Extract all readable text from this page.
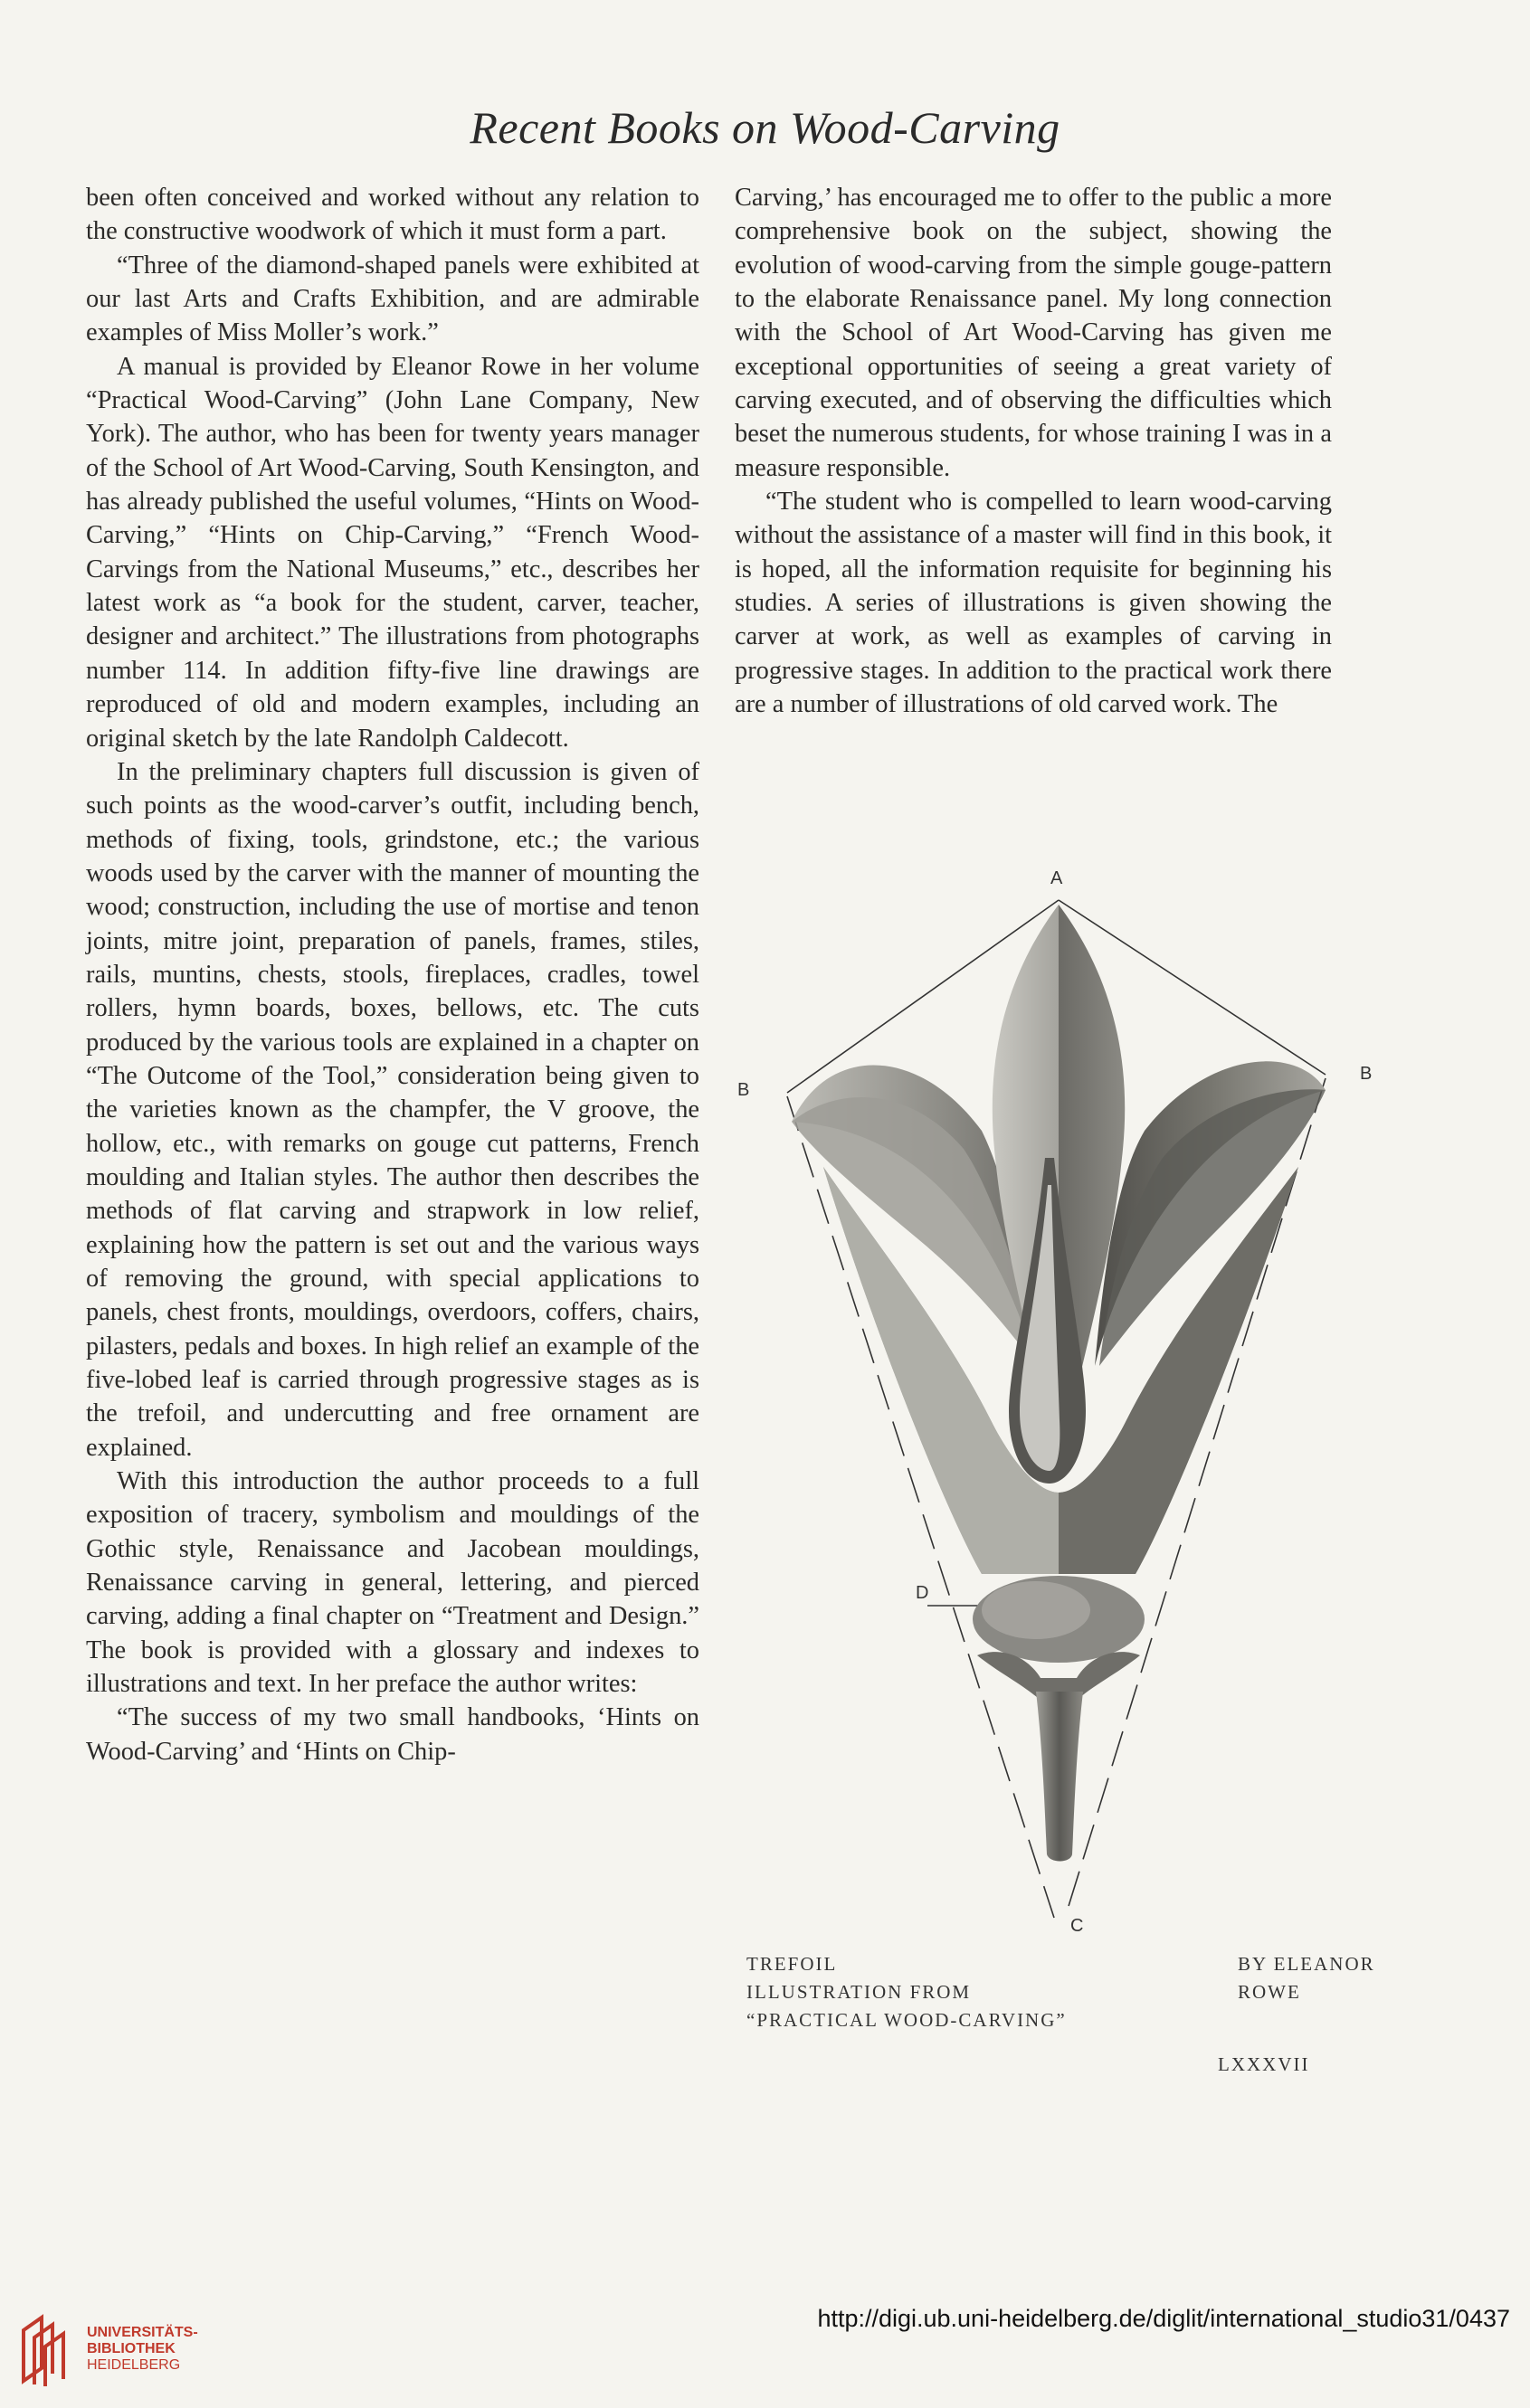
Recent Books on Wood-Carving

been often conceived and worked without any relation to the constructive woodwork of which it must form a part.

“Three of the diamond-shaped panels were exhibited at our last Arts and Crafts Exhibition, and are admirable examples of Miss Moller’s work.”

A manual is provided by Eleanor Rowe in her volume “Practical Wood-Carving” (John Lane Company, New York). The author, who has been for twenty years manager of the School of Art Wood-Carving, South Kensington, and has already published the useful volumes, “Hints on Wood-Carving,” “Hints on Chip-Carving,” “French Wood-Carvings from the National Museums,” etc., describes her latest work as “a book for the student, carver, teacher, designer and architect.” The illustrations from photographs number 114. In addition fifty-five line drawings are reproduced of old and modern examples, including an original sketch by the late Randolph Caldecott.

In the preliminary chapters full discussion is given of such points as the wood-carver’s outfit, including bench, methods of fixing, tools, grindstone, etc.; the various woods used by the carver with the manner of mounting the wood; construction, including the use of mortise and tenon joints, mitre joint, preparation of panels, frames, stiles, rails, muntins, chests, stools, fireplaces, cradles, towel rollers, hymn boards, boxes, bellows, etc. The cuts produced by the various tools are explained in a chapter on “The Outcome of the Tool,” consideration being given to the varieties known as the champfer, the V groove, the hollow, etc., with remarks on gouge cut patterns, French moulding and Italian styles. The author then describes the methods of flat carving and strapwork in low relief, explaining how the pattern is set out and the various ways of removing the ground, with special applications to panels, chest fronts, mouldings, overdoors, coffers, chairs, pilasters, pedals and boxes. In high relief an example of the five-lobed leaf is carried through progressive stages as is the trefoil, and undercutting and free ornament are explained.

With this introduction the author proceeds to a full exposition of tracery, symbolism and mouldings of the Gothic style, Renaissance and Jacobean mouldings, Renaissance carving in general, lettering, and pierced carving, adding a final chapter on “Treatment and Design.” The book is provided with a glossary and indexes to illustrations and text. In her preface the author writes:

“The success of my two small handbooks, ‘Hints on Wood-Carving’ and ‘Hints on Chip-

Carving,’ has encouraged me to offer to the public a more comprehensive book on the subject, showing the evolution of wood-carving from the simple gouge-pattern to the elaborate Renaissance panel. My long connection with the School of Art Wood-Carving has given me exceptional opportunities of seeing a great variety of carving executed, and of observing the difficulties which beset the numerous students, for whose training I was in a measure responsible.

“The student who is compelled to learn wood-carving without the assistance of a master will find in this book, it is hoped, all the information requisite for beginning his studies. A series of illustrations is given showing the carver at work, as well as examples of carving in progressive stages. In addition to the practical work there are a number of illustrations of old carved work. The

A
B
B
D
C
TREFOIL
ILLUSTRATION FROM
“PRACTICAL WOOD-CARVING”
BY ELEANOR
ROWE
LXXXVII
UNIVERSITÄTS-
BIBLIOTHEK
HEIDELBERG
http://digi.ub.uni-heidelberg.de/diglit/international_studio31/0437
